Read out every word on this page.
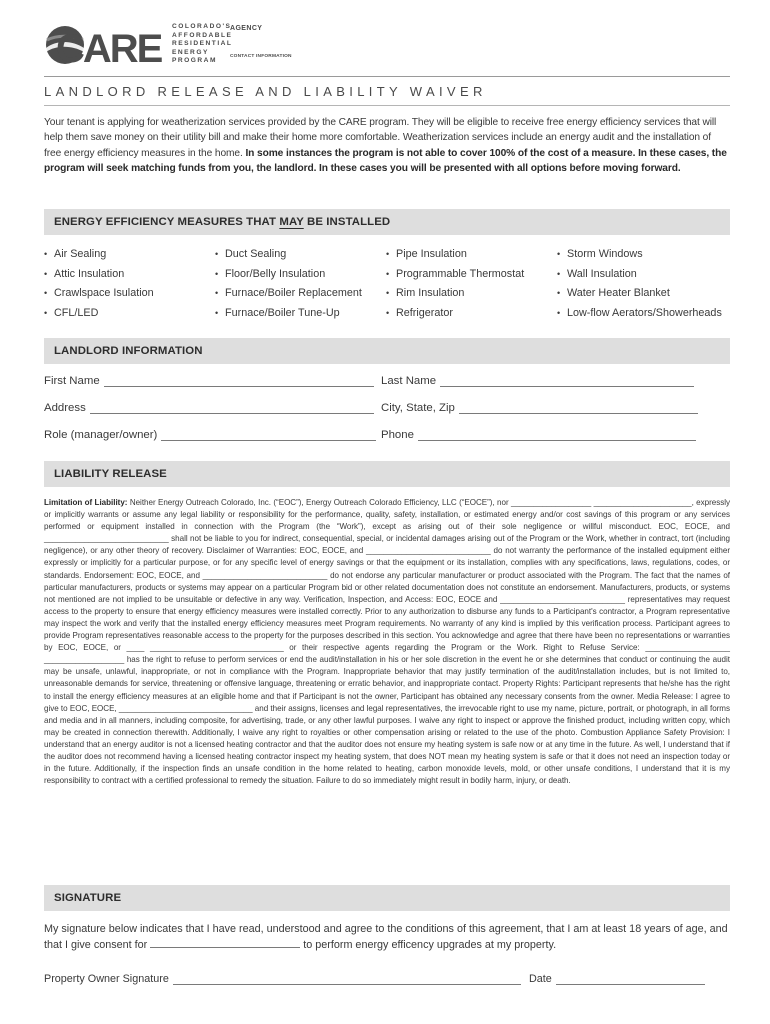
CARE
COLORADO'S
AFFORDABLE
RESIDENTIAL
ENERGY
PROGRAM
AGENCY
CONTACT INFORMATION
LANDLORD RELEASE AND LIABILITY WAIVER
Your tenant is applying for weatherization services provided by the CARE program. They will be eligible to receive free energy efficiency services that will help them save money on their utility bill and make their home more comfortable. Weatherization services include an energy audit and the installation of free energy efficiency measures in the home. In some instances the program is not able to cover 100% of the cost of a measure. In these cases, the program will seek matching funds from you, the landlord. In these cases you will be presented with all options before moving forward.
ENERGY EFFICIENCY MEASURES THAT MAY BE INSTALLED
• Air Sealing
• Attic Insulation
• Crawlspace Isulation
• CFL/LED
• Duct Sealing
• Floor/Belly Insulation
• Furnace/Boiler Replacement
• Furnace/Boiler Tune-Up
• Pipe Insulation
• Programmable Thermostat
• Rim Insulation
• Refrigerator
• Storm Windows
• Wall Insulation
• Water Heater Blanket
• Low-flow Aerators/Showerheads
LANDLORD INFORMATION
First Name	Last Name
Address	City, State, Zip
Role (manager/owner)	Phone
LIABILITY RELEASE
Limitation of Liability: Neither Energy Outreach Colorado, Inc. (“EOC”), Energy Outreach Colorado Efficiency, LLC (“EOCE”), nor __________________ ______________________, expressly or implicitly warrants or assume any legal liability or responsibility for the performance, quality, safety, installation, or estimated energy and/or cost savings of this program or any services performed or equipment installed in connection with the Program (the “Work”), except as arising out of their sole negligence or willful misconduct. EOC, EOCE, and ____________________________ shall not be liable to you for indirect, consequential, special, or incidental damages arising out of the Program or the Work, whether in contract, tort (including negligence), or any other theory of recovery. Disclaimer of Warranties: EOC, EOCE, and ____________________________ do not warranty the performance of the installed equipment either expressly or implicitly for a particular purpose, or for any specific level of energy savings or that the equipment or its installation, complies with any specifications, laws, regulations, codes, or standards. Endorsement: EOC, EOCE, and ____________________________ do not endorse any particular manufacturer or product associated with the Program. The fact that the names of particular manufacturers, products or systems may appear on a particular Program bid or other related documentation does not constitute an endorsement. Manufacturers, products, or systems not mentioned are not implied to be unsuitable or defective in any way. Verification, Inspection, and Access: EOC, EOCE and ____________________________ representatives may request access to the property to ensure that energy efficiency measures were installed correctly. Prior to any authorization to disburse any funds to a Participant's contractor, a Program representative may inspect the work and verify that the installed energy efficiency measures meet Program requirements. No warranty of any kind is implied by this verification process. Participant agrees to provide Program representatives reasonable access to the property for the purposes described in this section. You acknowledge and agree that there have been no representations or warranties by EOC, EOCE, or ____ ______________________________ or their respective agents regarding the Program or the Work. Right to Refuse Service: ___________________ __________________ has the right to refuse to perform services or end the audit/installation in his or her sole discretion in the event he or she determines that conduct or continuing the audit may be unsafe, unlawful, inappropriate, or not in compliance with the Program. Inappropriate behavior that may justify termination of the audit/installation includes, but is not limited to, unreasonable demands for service, threatening or offensive language, threatening or erratic behavior, and inappropriate contact. Property Rights: Participant represents that he/she has the right to install the energy efficiency measures at an eligible home and that if Participant is not the owner, Participant has obtained any necessary consents from the owner. Media Release: I agree to give to EOC, EOCE, ______________________________ and their assigns, licenses and legal representatives, the irrevocable right to use my name, picture, portrait, or photograph, in all forms and media and in all manners, including composite, for advertising, trade, or any other lawful purposes. I waive any right to inspect or approve the finished product, including written copy, which may be created in connection therewith. Additionally, I waive any right to royalties or other compensation arising or related to the use of the photo. Combustion Appliance Safety Provision: I understand that an energy auditor is not a licensed heating contractor and that the auditor does not ensure my heating system is safe now or at any time in the future. As well, I understand that if the auditor does not recommend having a licensed heating contractor inspect my heating system, that does NOT mean my heating system is safe or that it does not need an inspection today or in the future. Additionally, if the inspection finds an unsafe condition in the home related to heating, carbon monoxide levels, mold, or other unsafe conditions, I understand that it is my responsibility to contract with a certified professional to remedy the situation. Failure to do so immediately might result in bodily harm, injury, or death.
SIGNATURE
My signature below indicates that I have read, understood and agree to the conditions of this agreement, that I am at least 18 years of age, and that I give consent for	to perform energy efficency upgrades at my property.
Property Owner Signature	Date
